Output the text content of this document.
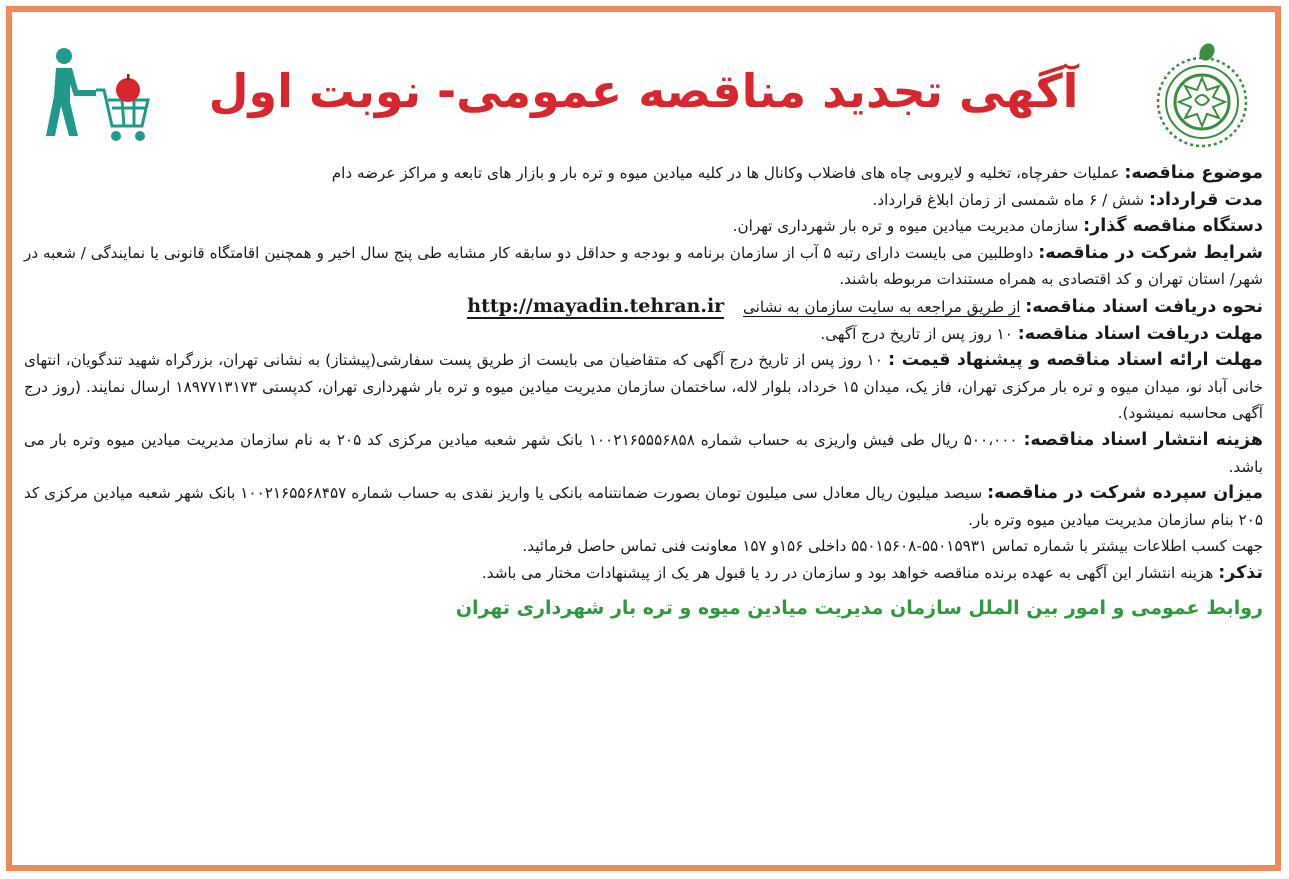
آگهی تجدید مناقصه عمومی- نوبت اول

موضوع مناقصه: عملیات حفرچاه، تخلیه و لایروبی چاه های فاضلاب وکانال ها در کلیه میادین میوه و تره بار و بازار های تابعه و مراکز عرضه دام

مدت قرارداد: شش / ۶ ماه شمسی از زمان ابلاغ قرارداد.

دستگاه مناقصه گذار: سازمان مدیریت میادین میوه و تره بار شهرداری تهران.

شرایط شرکت در مناقصه: داوطلبین می بایست دارای رتبه ۵ آب از سازمان برنامه و بودجه و حداقل دو سابقه کار مشابه طی پنج سال اخیر و همچنین اقامتگاه قانونی یا نمایندگی / شعبه در شهر/ استان تهران و کد اقتصادی به همراه مستندات مربوطه باشند.

نحوه دریافت اسناد مناقصه: از طریق مراجعه به سایت سازمان به نشانی http://mayadin.tehran.ir

مهلت دریافت اسناد مناقصه: ۱۰ روز پس از تاریخ درج آگهی.

مهلت ارائه اسناد مناقصه و پیشنهاد قیمت : ۱۰ روز پس از تاریخ درج آگهی که متقاضیان می بایست از طریق پست سفارشی(پیشتاز) به نشانی تهران، بزرگراه شهید تندگویان، انتهای خانی آباد نو، میدان میوه و تره بار مرکزی تهران، فاز یک، میدان ۱۵ خرداد، بلوار لاله، ساختمان سازمان مدیریت میادین میوه و تره بار شهرداری تهران، کدپستی ۱۸۹۷۷۱۳۱۷۳ ارسال نمایند. (روز درج آگهی محاسبه نمیشود).

هزینه انتشار اسناد مناقصه: ۵۰۰،۰۰۰ ریال طی فیش واریزی به حساب شماره ۱۰۰۲۱۶۵۵۵۶۸۵۸ بانک شهر شعبه میادین مرکزی کد ۲۰۵ به نام سازمان مدیریت میادین میوه وتره بار می باشد.

میزان سپرده شرکت در مناقصه: سیصد میلیون ریال معادل سی میلیون تومان بصورت ضمانتنامه بانکی یا واریز نقدی به حساب شماره ۱۰۰۲۱۶۵۵۶۸۴۵۷ بانک شهر شعبه میادین مرکزی کد ۲۰۵ بنام سازمان مدیریت میادین میوه وتره بار.

جهت کسب اطلاعات بیشتر با شماره تماس ۵۵۰۱۵۹۳۱-۵۵۰۱۵۶۰۸ داخلی ۱۵۶و ۱۵۷ معاونت فنی تماس حاصل فرمائید.

تذکر: هزینه انتشار این آگهی به عهده برنده مناقصه خواهد بود و سازمان در رد یا قبول هر یک از پیشنهادات مختار می باشد.

روابط عمومی و امور بین الملل سازمان مدیریت میادین میوه و تره بار شهرداری تهران
